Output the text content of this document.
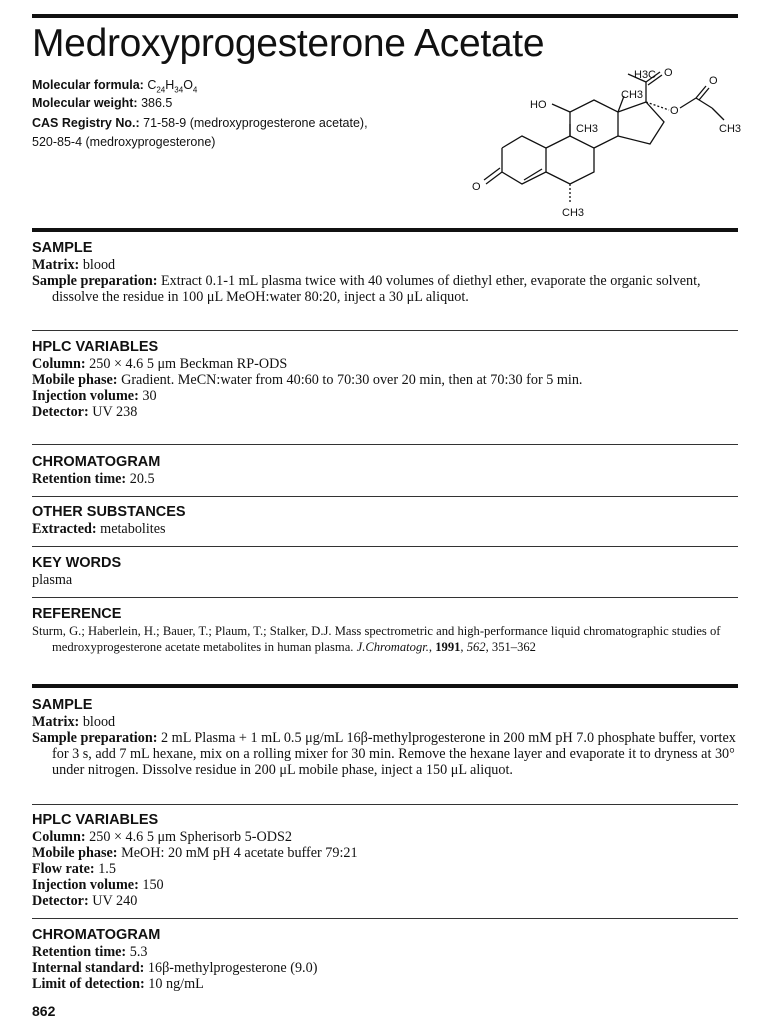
Medroxyprogesterone Acetate
Molecular formula: $C_{24}H_{34}O_4$
Molecular weight: 386.5
CAS Registry No.: 71-58-9 (medroxyprogesterone acetate),
520-85-4 (medroxyprogesterone)
H3C O
CH3
O
O
CH3
HO
CH3
O
CH3
SAMPLE
Matrix: blood
Sample preparation: Extract 0.1-1 mL plasma twice with 40 volumes of diethyl ether, evaporate the organic solvent, dissolve the residue in 100 μL MeOH:water 80:20, inject a 30 μL aliquot.
HPLC VARIABLES
Column: 250 × 4.6 5 μm Beckman RP-ODS
Mobile phase: Gradient. MeCN:water from 40:60 to 70:30 over 20 min, then at 70:30 for 5 min.
Injection volume: 30
Detector: UV 238
CHROMATOGRAM
Retention time: 20.5
OTHER SUBSTANCES
Extracted: metabolites
KEY WORDS
plasma
REFERENCE
Sturm, G.; Haberlein, H.; Bauer, T.; Plaum, T.; Stalker, D.J. Mass spectrometric and high-performance liquid chromatographic studies of medroxyprogesterone acetate metabolites in human plasma. J.Chromatogr., 1991, 562, 351–362
SAMPLE
Matrix: blood
Sample preparation: 2 mL Plasma + 1 mL 0.5 μg/mL 16β-methylprogesterone in 200 mM pH 7.0 phosphate buffer, vortex for 3 s, add 7 mL hexane, mix on a rolling mixer for 30 min. Remove the hexane layer and evaporate it to dryness at 30° under nitrogen. Dissolve residue in 200 μL mobile phase, inject a 150 μL aliquot.
HPLC VARIABLES
Column: 250 × 4.6 5 μm Spherisorb 5-ODS2
Mobile phase: MeOH: 20 mM pH 4 acetate buffer 79:21
Flow rate: 1.5
Injection volume: 150
Detector: UV 240
CHROMATOGRAM
Retention time: 5.3
Internal standard: 16β-methylprogesterone (9.0)
Limit of detection: 10 ng/mL
862
